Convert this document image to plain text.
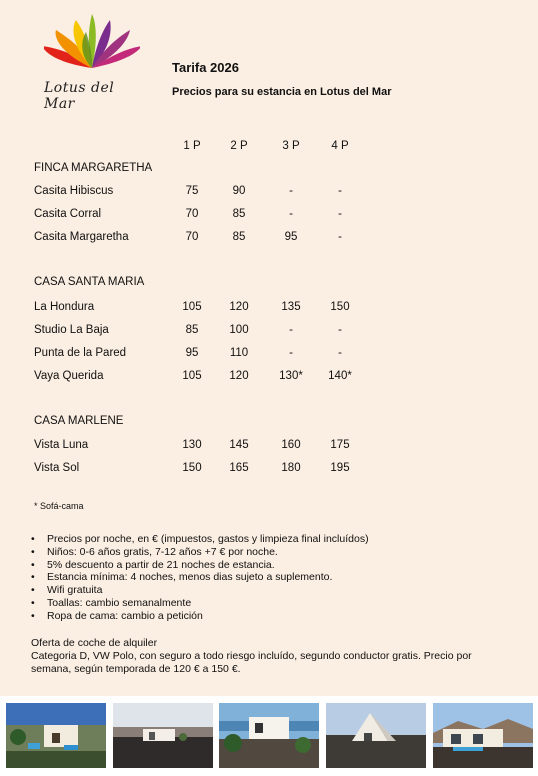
Lotus del Mar
Tarifa 2026
Precios para su estancia en Lotus del Mar
1 P	2 P	3 P	4 P
FINCA MARGARETHA
Casita Hibiscus	75	90	-	-
Casita Corral	70	85	-	-
Casita Margaretha	70	85	95	-
CASA SANTA MARIA
La Hondura	105	120	135	150
Studio La Baja	85	100	-	-
Punta de la Pared	95	110	-	-
Vaya Querida	105	120	130*	140*
CASA MARLENE
Vista Luna	130	145	160	175
Vista Sol	150	165	180	195
* Sofá-cama
• Precios por noche, en € (impuestos, gastos y limpieza final incluídos)
• Niños: 0-6 años gratis, 7-12 años +7 € por noche.
• 5% descuento a partir de 21 noches de estancia.
• Estancia mínima: 4 noches, menos dias sujeto a suplemento.
• Wifi gratuita
• Toallas: cambio semanalmente
• Ropa de cama: cambio a petición
Oferta de coche de alquiler
Categoria D, VW Polo, con seguro a todo riesgo incluído, segundo conductor gratis. Precio por semana, según temporada de 120 € a 150 €.
